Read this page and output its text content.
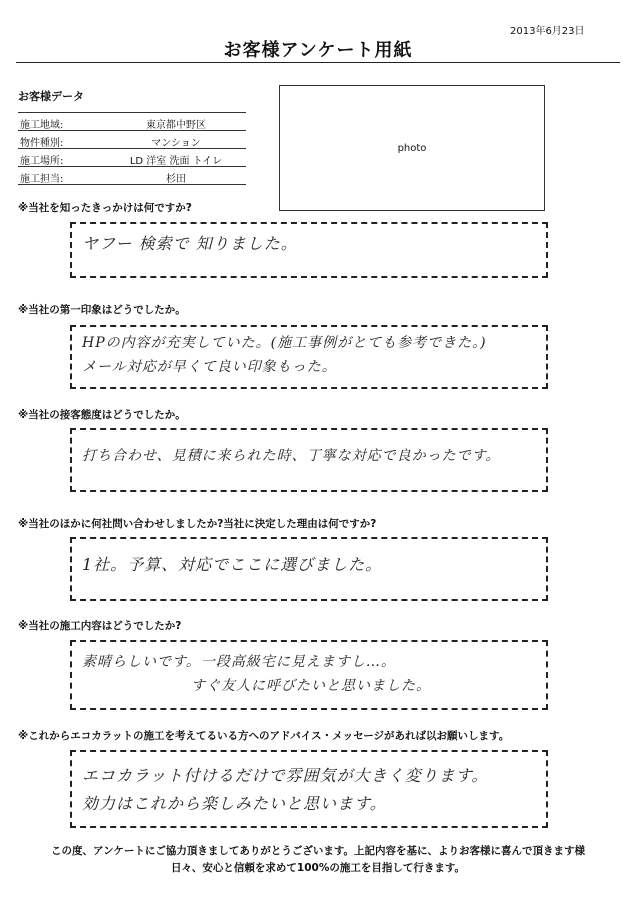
2013年6月23日
お客様アンケート用紙
お客様データ
施工地域:	東京都中野区
物件種別:	マンション
施工場所:	LD 洋室 洗面 トイレ
施工担当:	杉田
photo
※当社を知ったきっかけは何ですか?
ヤフー 検索で 知りました。
※当社の第一印象はどうでしたか。
HPの内容が充実していた。(施工事例がとても参考できた。)
メール対応が早くて良い印象もった。
※当社の接客態度はどうでしたか。
打ち合わせ、見積に来られた時、丁寧な対応で良かったです。
※当社のほかに何社問い合わせしましたか?当社に決定した理由は何ですか?
1社。予算、対応でここに選びました。
※当社の施工内容はどうでしたか?
素晴らしいです。一段高級宅に見えますし…。
すぐ友人に呼びたいと思いました。
※これからエコカラットの施工を考えてるいる方へのアドバイス・メッセージがあれば以お願いします。
エコカラット付けるだけで雰囲気が大きく変ります。
効力はこれから楽しみたいと思います。
この度、アンケートにご協力頂きましてありがとうございます。上記内容を基に、よりお客様に喜んで頂きます様
日々、安心と信頼を求めて100%の施工を目指して行きます。
